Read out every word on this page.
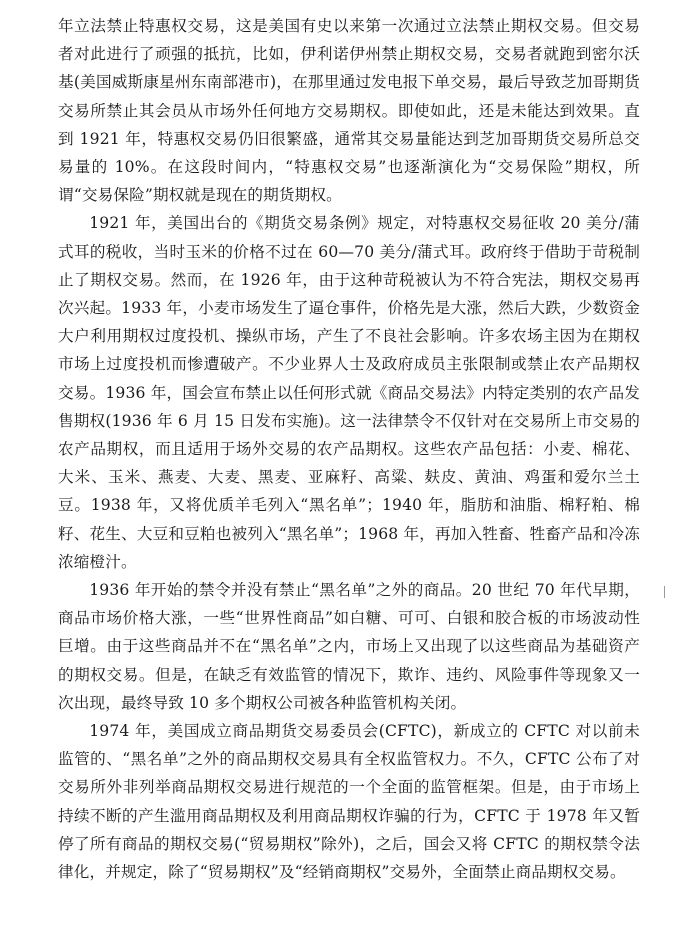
年立法禁止特惠权交易，这是美国有史以来第一次通过立法禁止期权交易。但交易者对此进行了顽强的抵抗，比如，伊利诺伊州禁止期权交易，交易者就跑到密尔沃基(美国威斯康星州东南部港市)，在那里通过发电报下单交易，最后导致芝加哥期货交易所禁止其会员从市场外任何地方交易期权。即使如此，还是未能达到效果。直到 1921 年，特惠权交易仍旧很繁盛，通常其交易量能达到芝加哥期货交易所总交易量的 10%。在这段时间内，“特惠权交易”也逐渐演化为“交易保险”期权，所谓“交易保险”期权就是现在的期货期权。

1921 年，美国出台的《期货交易条例》规定，对特惠权交易征收 20 美分/蒲式耳的税收，当时玉米的价格不过在 60—70 美分/蒲式耳。政府终于借助于苛税制止了期权交易。然而，在 1926 年，由于这种苛税被认为不符合宪法，期权交易再次兴起。1933 年，小麦市场发生了逼仓事件，价格先是大涨，然后大跌，少数资金大户利用期权过度投机、操纵市场，产生了不良社会影响。许多农场主因为在期权市场上过度投机而惨遭破产。不少业界人士及政府成员主张限制或禁止农产品期权交易。1936 年，国会宣布禁止以任何形式就《商品交易法》内特定类别的农产品发售期权(1936 年 6 月 15 日发布实施)。这一法律禁令不仅针对在交易所上市交易的农产品期权，而且适用于场外交易的农产品期权。这些农产品包括：小麦、棉花、大米、玉米、燕麦、大麦、黑麦、亚麻籽、高粱、麸皮、黄油、鸡蛋和爱尔兰土豆。1938 年，又将优质羊毛列入“黑名单”；1940 年，脂肪和油脂、棉籽粕、棉籽、花生、大豆和豆粕也被列入“黑名单”；1968 年，再加入牲畜、牲畜产品和冷冻浓缩橙汁。

1936 年开始的禁令并没有禁止“黑名单”之外的商品。20 世纪 70 年代早期，商品市场价格大涨，一些“世界性商品”如白糖、可可、白银和胶合板的市场波动性巨增。由于这些商品并不在“黑名单”之内，市场上又出现了以这些商品为基础资产的期权交易。但是，在缺乏有效监管的情况下，欺诈、违约、风险事件等现象又一次出现，最终导致 10 多个期权公司被各种监管机构关闭。

1974 年，美国成立商品期货交易委员会(CFTC)，新成立的 CFTC 对以前未监管的、“黑名单”之外的商品期权交易具有全权监管权力。不久，CFTC 公布了对交易所外非列举商品期权交易进行规范的一个全面的监管框架。但是，由于市场上持续不断的产生滥用商品期权及利用商品期权诈骗的行为，CFTC 于 1978 年又暂停了所有商品的期权交易(“贸易期权”除外)，之后，国会又将 CFTC 的期权禁令法律化，并规定，除了“贸易期权”及“经销商期权”交易外，全面禁止商品期权交易。
